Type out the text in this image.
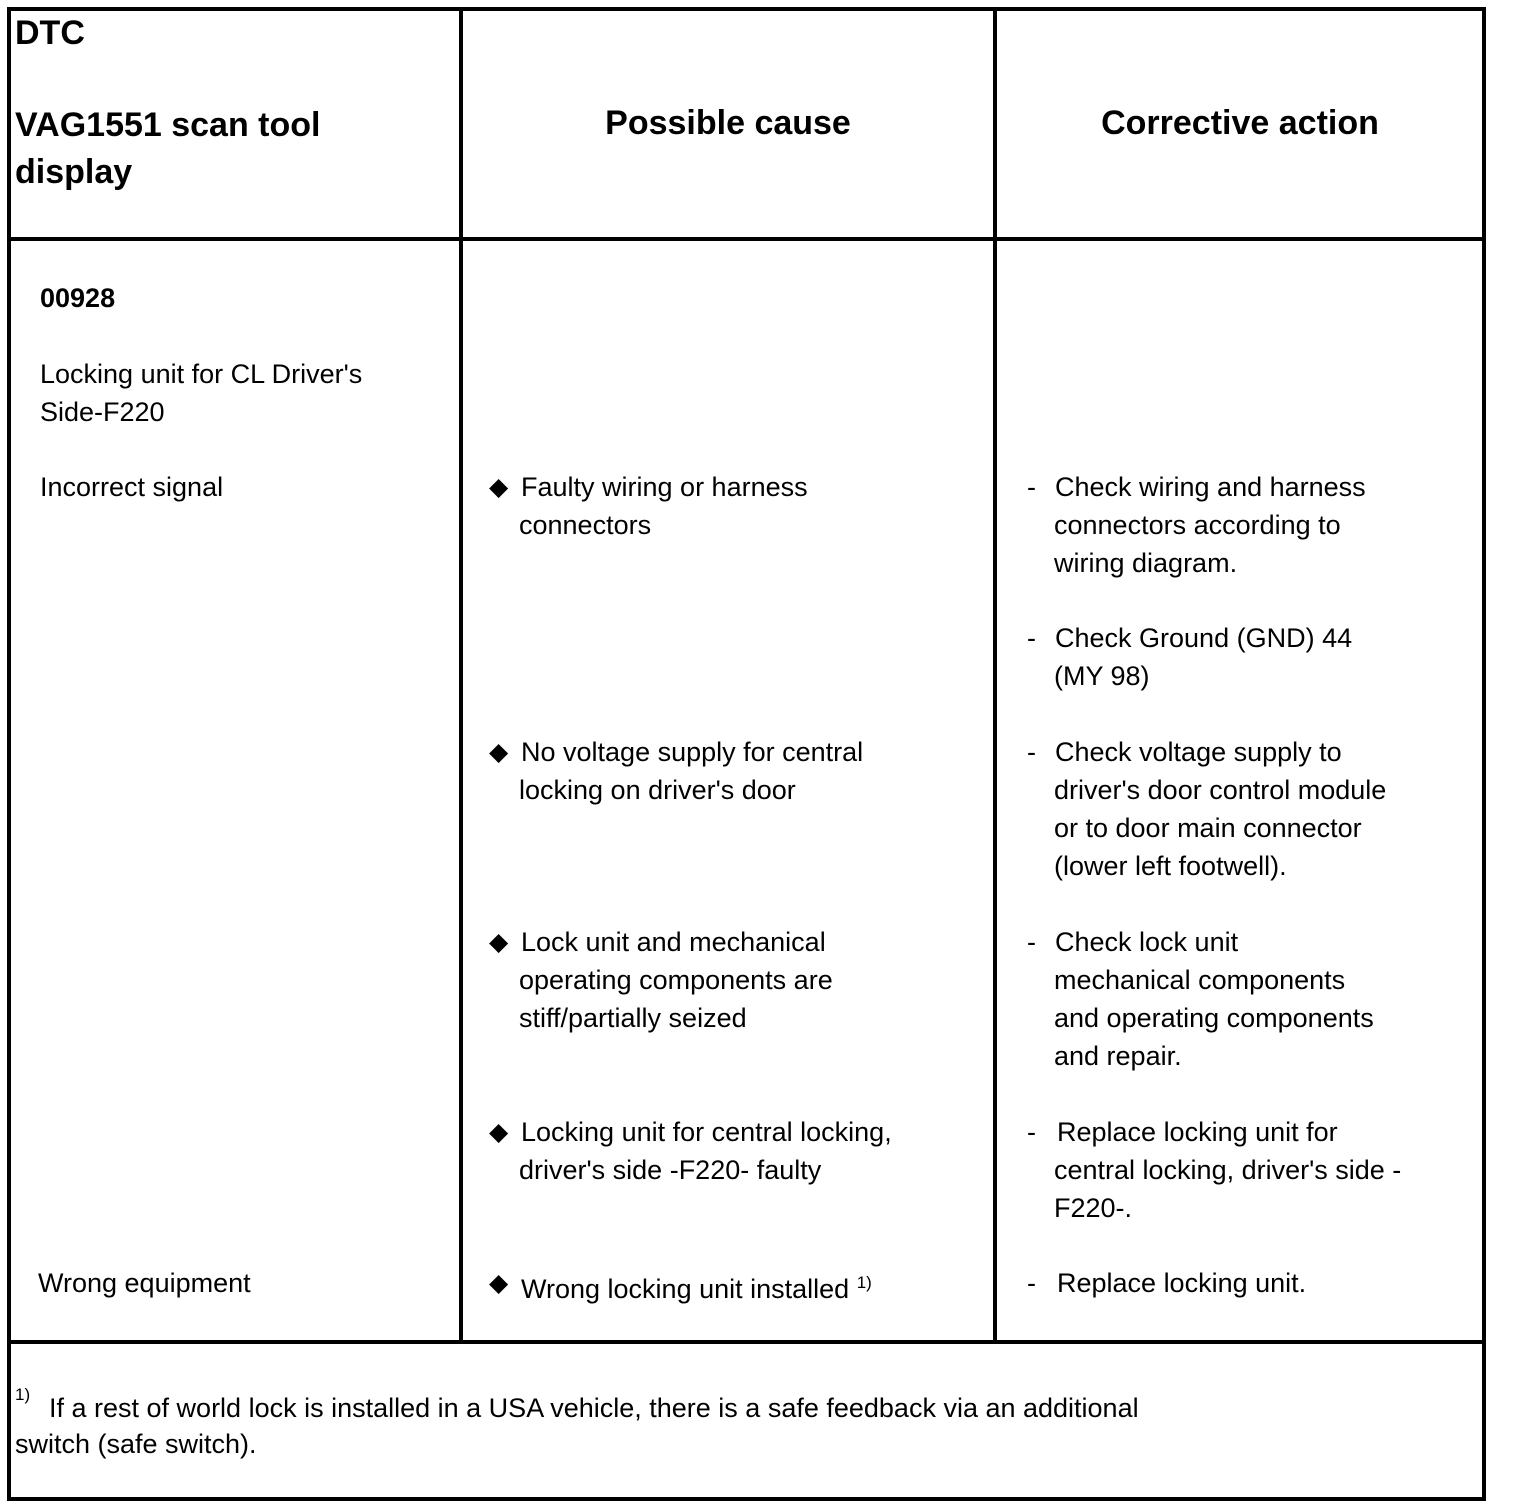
DTC
VAG1551 scan tool
display
Possible cause	Corrective action
00928
Locking unit for CL Driver's
Side-F220
Incorrect signal
Wrong equipment
◆ Faulty wiring or harness
connectors
◆ No voltage supply for central
locking on driver's door
◆ Lock unit and mechanical
operating components are
stiff/partially seized
◆ Locking unit for central locking,
driver's side -F220- faulty
◆ Wrong locking unit installed $^{1)}$
- Check wiring and harness
connectors according to
wiring diagram.
- Check Ground (GND) 44
(MY 98)
- Check voltage supply to
driver's door control module
or to door main connector
(lower left footwell).
- Check lock unit
mechanical components
and operating components
and repair.
- Replace locking unit for
central locking, driver's side -
F220-.
- Replace locking unit.
1) If a rest of world lock is installed in a USA vehicle, there is a safe feedback via an additional
switch (safe switch).
